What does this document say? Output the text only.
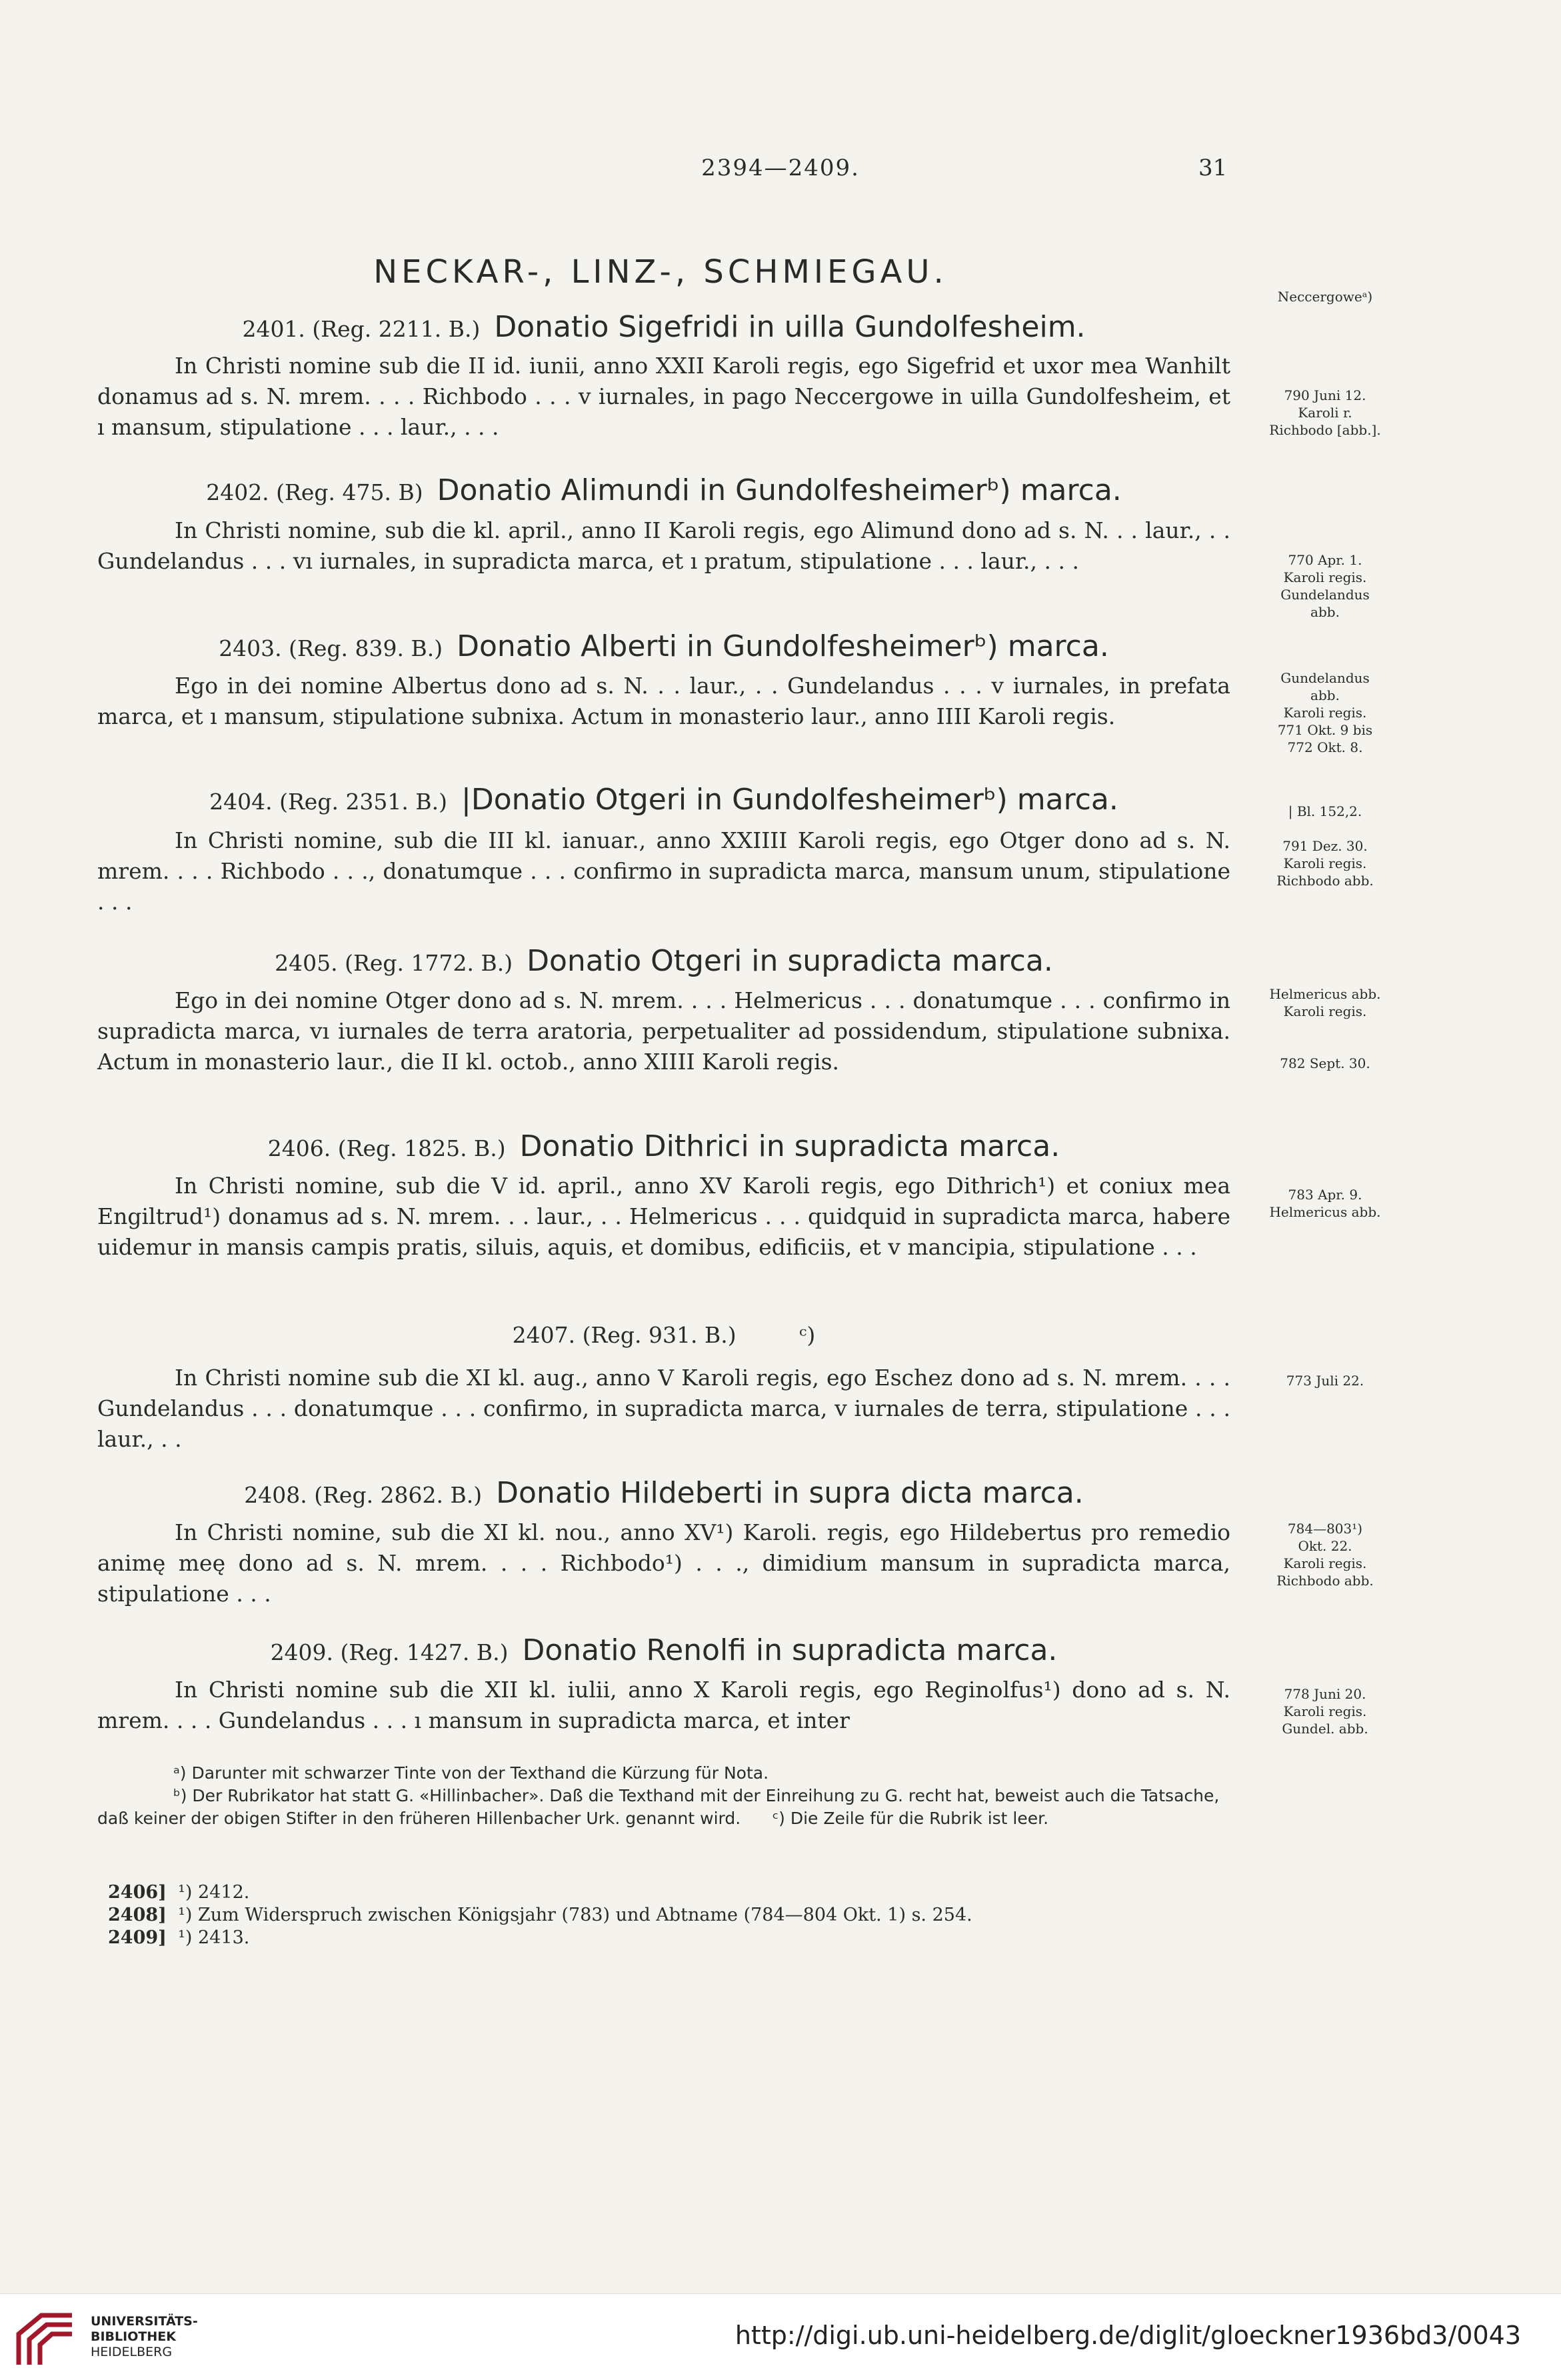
2394—2409.	31
NECKAR-, LINZ-, SCHMIEGAU.
Neccergoweᵃ)
2401. (Reg. 2211. B.) Donatio Sigefridi in uilla Gundolfesheim.

In Christi nomine sub die II id. iunii, anno XXII Karoli regis, ego Sigefrid et uxor mea Wanhilt donamus ad s. N. mrem. . . . Richbodo . . . v iurnales, in pago Neccergowe in uilla Gundolfesheim, et ı mansum, stipulatione . . . laur., . . .

2402. (Reg. 475. B) Donatio Alimundi in Gundolfesheimerᵇ) marca.

In Christi nomine, sub die kl. april., anno II Karoli regis, ego Alimund dono ad s. N. . . laur., . . Gundelandus . . . vı iurnales, in supradicta marca, et ı pratum, stipulatione . . . laur., . . .

2403. (Reg. 839. B.) Donatio Alberti in Gundolfesheimerᵇ) marca.

Ego in dei nomine Albertus dono ad s. N. . . laur., . . Gundelandus . . . v iurnales, in prefata marca, et ı mansum, stipulatione subnixa. Actum in monasterio laur., anno IIII Karoli regis.

2404. (Reg. 2351. B.) |Donatio Otgeri in Gundolfesheimerᵇ) marca.

In Christi nomine, sub die III kl. ianuar., anno XXIIII Karoli regis, ego Otger dono ad s. N. mrem. . . . Richbodo . . ., donatumque . . . confirmo in supradicta marca, mansum unum, stipulatione . . .

2405. (Reg. 1772. B.) Donatio Otgeri in supradicta marca.

Ego in dei nomine Otger dono ad s. N. mrem. . . . Helmericus . . . donatumque . . . confirmo in supradicta marca, vı iurnales de terra aratoria, perpetualiter ad possidendum, stipulatione subnixa. Actum in monasterio laur., die II kl. octob., anno XIIII Karoli regis.

2406. (Reg. 1825. B.) Donatio Dithrici in supradicta marca.

In Christi nomine, sub die V id. april., anno XV Karoli regis, ego Dithrich¹) et coniux mea Engiltrud¹) donamus ad s. N. mrem. . . laur., . . Helmericus . . . quidquid in supradicta marca, habere uidemur in mansis campis pratis, siluis, aquis, et domibus, edificiis, et v mancipia, stipulatione . . .

2407. (Reg. 931. B.)	ᶜ)

In Christi nomine sub die XI kl. aug., anno V Karoli regis, ego Eschez dono ad s. N. mrem. . . . Gundelandus . . . donatumque . . . confirmo, in supradicta marca, v iurnales de terra, stipulatione . . . laur., . .

2408. (Reg. 2862. B.) Donatio Hildeberti in supra dicta marca.

In Christi nomine, sub die XI kl. nou., anno XV¹) Karoli. regis, ego Hildebertus pro remedio animę meę dono ad s. N. mrem. . . . Richbodo¹) . . ., dimidium mansum in supradicta marca, stipulatione . . .

2409. (Reg. 1427. B.) Donatio Renolfi in supradicta marca.

In Christi nomine sub die XII kl. iulii, anno X Karoli regis, ego Reginolfus¹) dono ad s. N. mrem. . . . Gundelandus . . . ı mansum in supradicta marca, et inter

790 Juni 12.
Karoli r.
Richbodo [abb.].
770 Apr. 1.
Karoli regis.
Gundelandus
abb.
Gundelandus
abb.
Karoli regis.
771 Okt. 9 bis
772 Okt. 8.
| Bl. 152,2.

791 Dez. 30.
Karoli regis.
Richbodo abb.
Helmericus abb.
Karoli regis.

782 Sept. 30.
783 Apr. 9.
Helmericus abb.
773 Juli 22.
784—803¹)
Okt. 22.
Karoli regis.
Richbodo abb.
778 Juni 20.
Karoli regis.
Gundel. abb.

ᵃ) Darunter mit schwarzer Tinte von der Texthand die Kürzung für Nota.

ᵇ) Der Rubrikator hat statt G. «Hillinbacher». Daß die Texthand mit der Einreihung zu G. recht hat, beweist auch die Tatsache, daß keiner der obigen Stifter in den früheren Hillenbacher Urk. genannt wird. ᶜ) Die Zeile für die Rubrik ist leer.

2406] ¹) 2412.

2408] ¹) Zum Widerspruch zwischen Königsjahr (783) und Abtname (784—804 Okt. 1) s. 254.

2409] ¹) 2413.

UNIVERSITÄTS-
BIBLIOTHEK
HEIDELBERG
http://digi.ub.uni-heidelberg.de/diglit/gloeckner1936bd3/0043
